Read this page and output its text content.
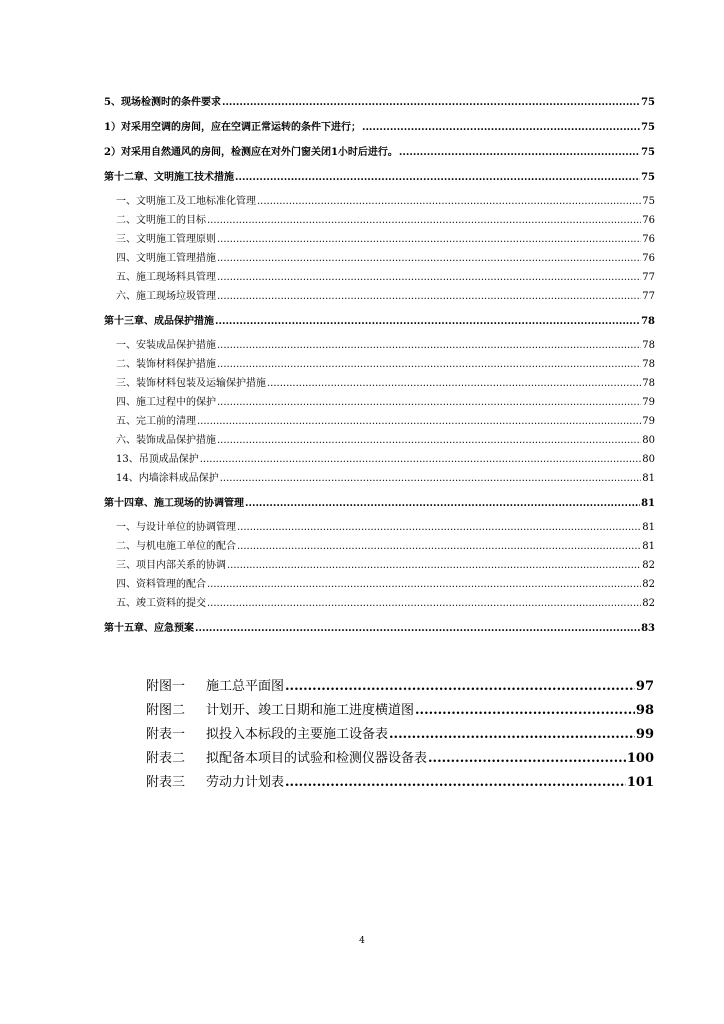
5、现场检测时的条件要求 .....	75
1）对采用空调的房间，应在空调正常运转的条件下进行； .....	75
2）对采用自然通风的房间，检测应在对外门窗关闭1小时后进行。 .....	75
第十二章、文明施工技术措施 .....	75
一、文明施工及工地标准化管理 .....	75
二、文明施工的目标 .....	76
三、文明施工管理原则 .....	76
四、文明施工管理措施 .....	76
五、施工现场料具管理 .....	77
六、施工现场垃圾管理 .....	77
第十三章、成品保护措施 .....	78
一、安装成品保护措施 .....	78
二、装饰材料保护措施 .....	78
三、装饰材料包装及运输保护措施 .....	78
四、施工过程中的保护 .....	79
五、完工前的清理 .....	79
六、装饰成品保护措施 .....	80
13、吊顶成品保护 .....	80
14、内墙涂料成品保护 .....	81
第十四章、施工现场的协调管理 .....	81
一、与设计单位的协调管理 .....	81
二、与机电施工单位的配合 .....	81
三、项目内部关系的协调 .....	82
四、资料管理的配合 .....	82
五、竣工资料的提交 .....	82
第十五章、应急预案 .....	83
附图一	施工总平面图 .....	97
附图二	计划开、竣工日期和施工进度横道图 .....	98
附表一	拟投入本标段的主要施工设备表 .....	99
附表二	拟配备本项目的试验和检测仪器设备表 .....	100
附表三	劳动力计划表 .....	101
4
